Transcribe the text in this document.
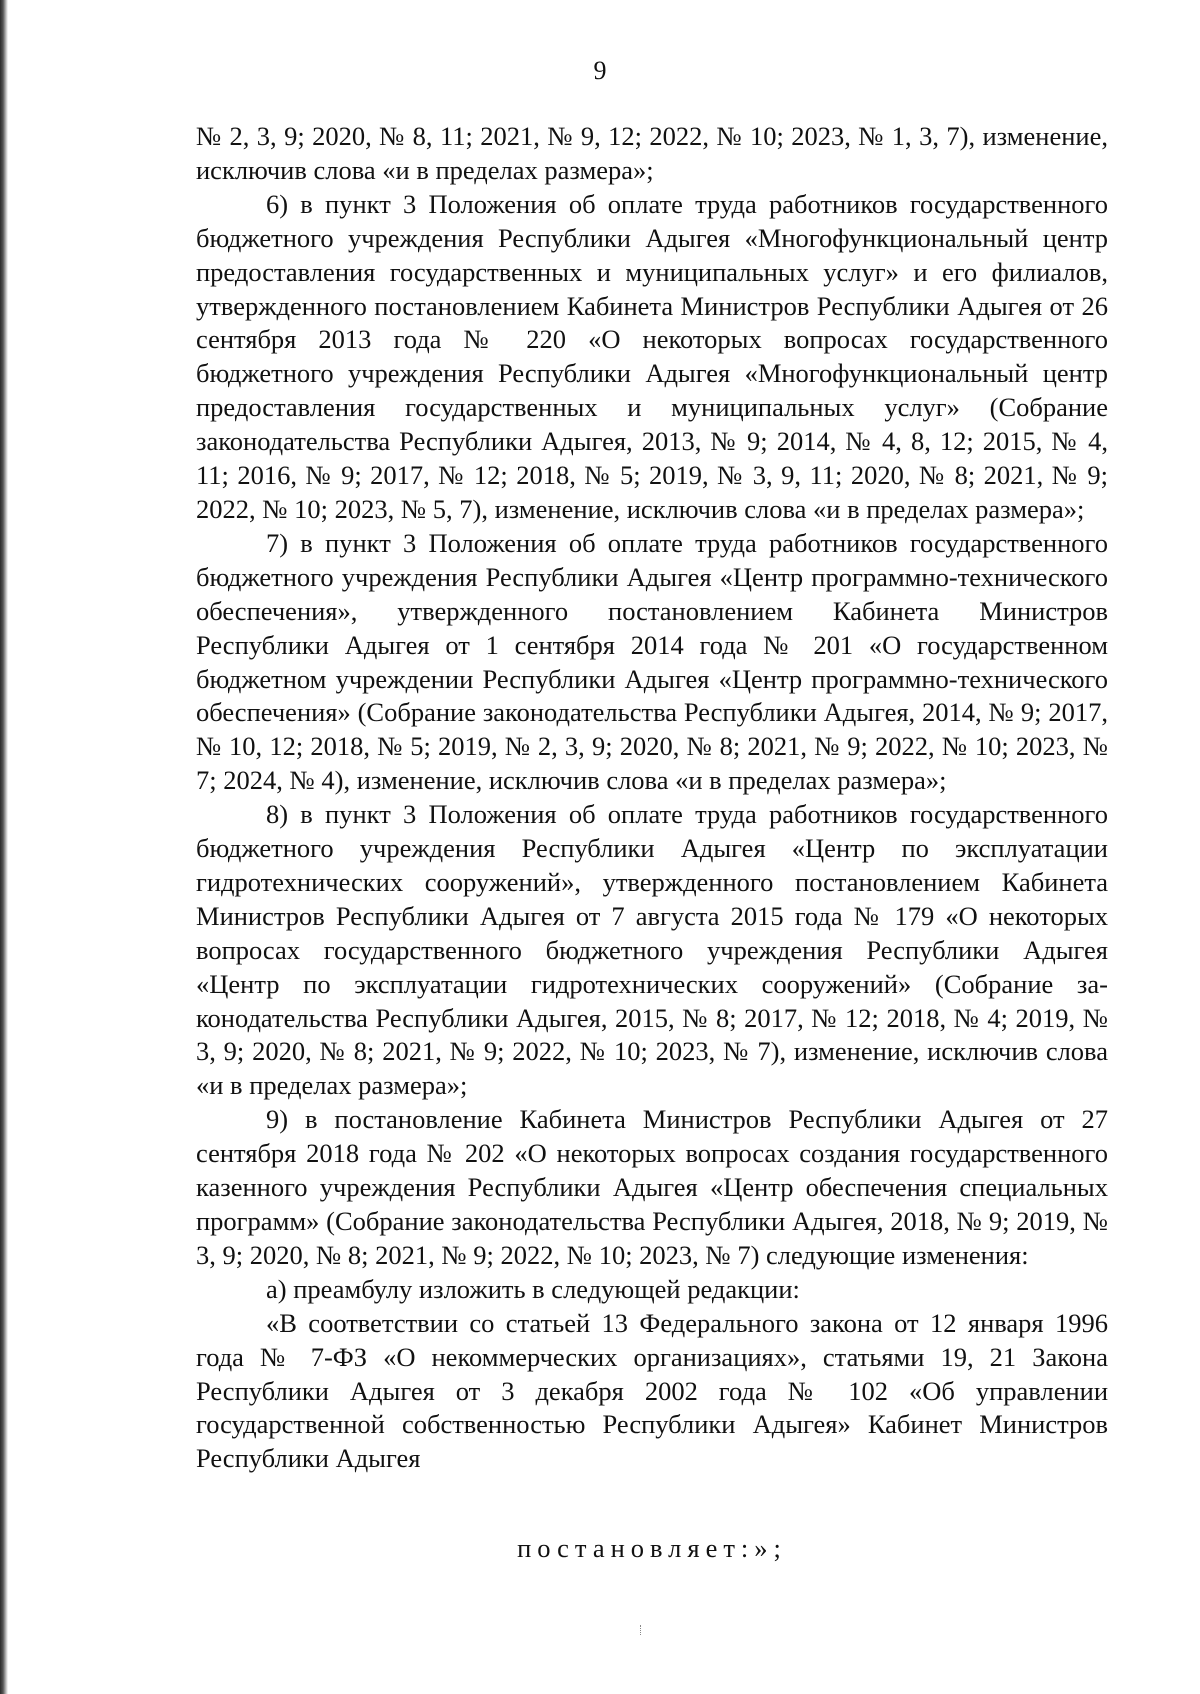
9

№ 2, 3, 9; 2020, № 8, 11; 2021, № 9, 12; 2022, № 10; 2023, № 1, 3, 7), изменение, исключив слова «и в пределах размера»;

6) в пункт 3 Положения об оплате труда работников государственного бюджетного учреждения Республики Адыгея «Многофункциональный центр предоставления государственных и муниципальных услуг» и его филиалов, утвержденного постановлением Кабинета Министров Республики Адыгея от 26 сентября 2013 года № 220 «О некоторых вопросах государственного бюджетного учреждения Республики Адыгея «Многофункциональный центр предоставления государственных и муниципальных услуг» (Собрание законодательства Республики Адыгея, 2013, № 9; 2014, № 4, 8, 12; 2015, № 4, 11; 2016, № 9; 2017, № 12; 2018, № 5; 2019, № 3, 9, 11; 2020, № 8; 2021, № 9; 2022, № 10; 2023, № 5, 7), изменение, исключив слова «и в пределах размера»;

7) в пункт 3 Положения об оплате труда работников государственного бюджетного учреждения Республики Адыгея «Центр программно-технического обеспечения», утвержденного постановлением Кабинета Министров Республики Адыгея от 1 сентября 2014 года № 201 «О государственном бюджетном учреждении Республики Адыгея «Центр программно-технического обеспечения» (Собрание законодательства Республики Адыгея, 2014, № 9; 2017, № 10, 12; 2018, № 5; 2019, № 2, 3, 9; 2020, № 8; 2021, № 9; 2022, № 10; 2023, № 7; 2024, № 4), изменение, исключив слова «и в пределах размера»;

8) в пункт 3 Положения об оплате труда работников государственного бюджетного учреждения Республики Адыгея «Центр по эксплуатации гидротехнических сооружений», утвержденного постановлением Кабинета Министров Республики Адыгея от 7 августа 2015 года № 179 «О некоторых вопросах государственного бюджетного учреждения Республики Адыгея «Центр по эксплуатации гидротехнических сооружений» (Собрание законодательства Республики Адыгея, 2015, № 8; 2017, № 12; 2018, № 4; 2019, № 3, 9; 2020, № 8; 2021, № 9; 2022, № 10; 2023, № 7), изменение, исключив слова «и в пределах размера»;

9) в постановление Кабинета Министров Республики Адыгея от 27 сентября 2018 года № 202 «О некоторых вопросах создания государственного казенного учреждения Республики Адыгея «Центр обеспечения специальных программ» (Собрание законодательства Республики Адыгея, 2018, № 9; 2019, № 3, 9; 2020, № 8; 2021, № 9; 2022, № 10; 2023, № 7) следующие изменения:

а) преамбулу изложить в следующей редакции:

«В соответствии со статьей 13 Федерального закона от 12 января 1996 года № 7-ФЗ «О некоммерческих организациях», статьями 19, 21 Закона Республики Адыгея от 3 декабря 2002 года № 102 «Об управлении государственной собственностью Республики Адыгея» Кабинет Министров Республики Адыгея

постановляет:»;
